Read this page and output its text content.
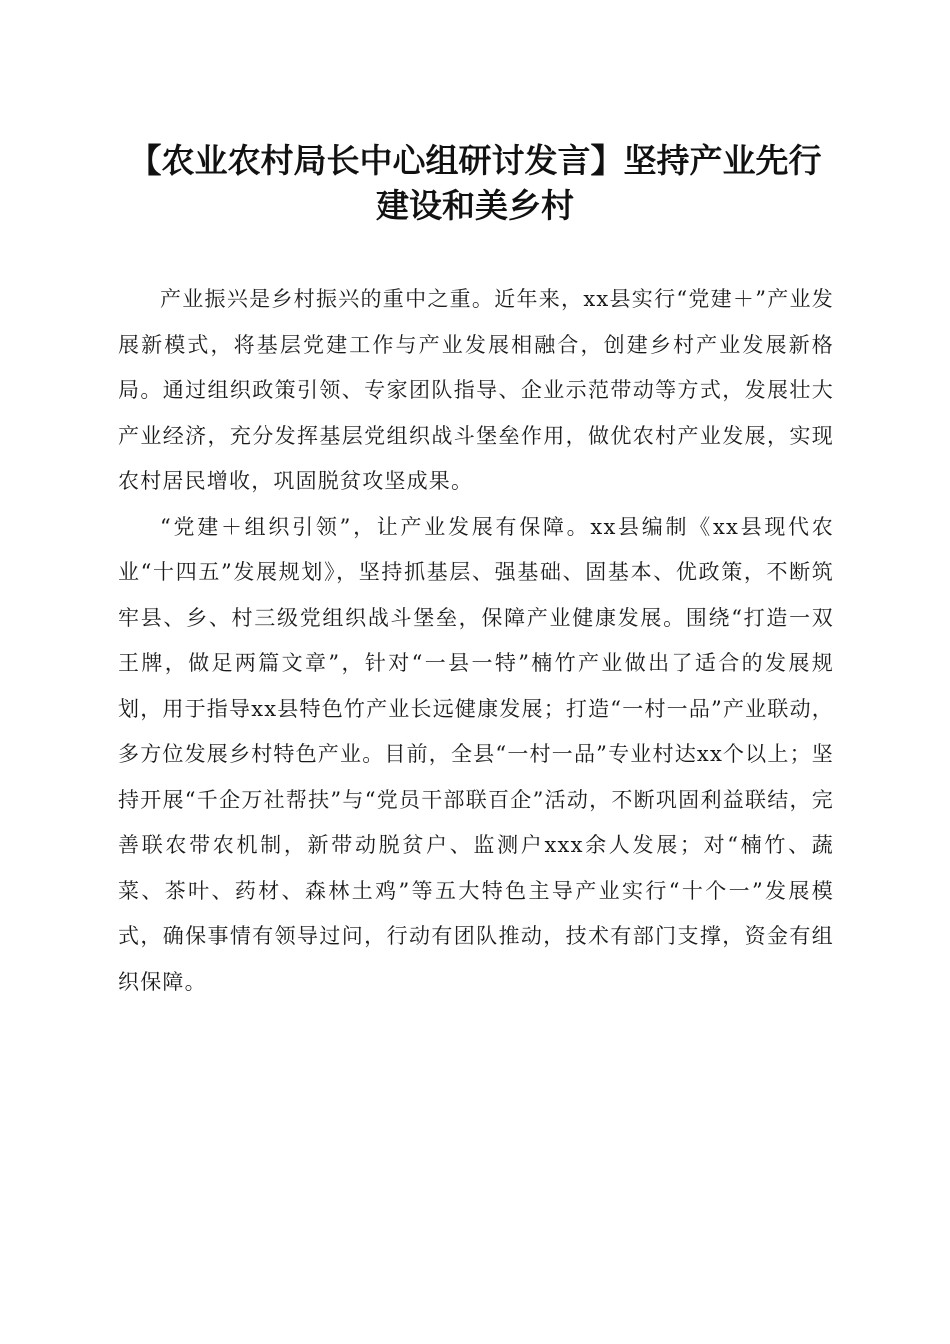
【农业农村局长中心组研讨发言】坚持产业先行建设和美乡村

产业振兴是乡村振兴的重中之重。近年来，xx县实行“党建＋”产业发展新模式，将基层党建工作与产业发展相融合，创建乡村产业发展新格局。通过组织政策引领、专家团队指导、企业示范带动等方式，发展壮大产业经济，充分发挥基层党组织战斗堡垒作用，做优农村产业发展，实现农村居民增收，巩固脱贫攻坚成果。

“党建＋组织引领”，让产业发展有保障。xx县编制《xx县现代农业“十四五”发展规划》，坚持抓基层、强基础、固基本、优政策，不断筑牢县、乡、村三级党组织战斗堡垒，保障产业健康发展。围绕“打造一双王牌，做足两篇文章”，针对“一县一特”楠竹产业做出了适合的发展规划，用于指导xx县特色竹产业长远健康发展；打造“一村一品”产业联动，多方位发展乡村特色产业。目前，全县“一村一品”专业村达xx个以上；坚持开展“千企万社帮扶”与“党员干部联百企”活动，不断巩固利益联结，完善联农带农机制，新带动脱贫户、监测户xxx余人发展；对“楠竹、蔬菜、茶叶、药材、森林土鸡”等五大特色主导产业实行“十个一”发展模式，确保事情有领导过问，行动有团队推动，技术有部门支撑，资金有组织保障。
